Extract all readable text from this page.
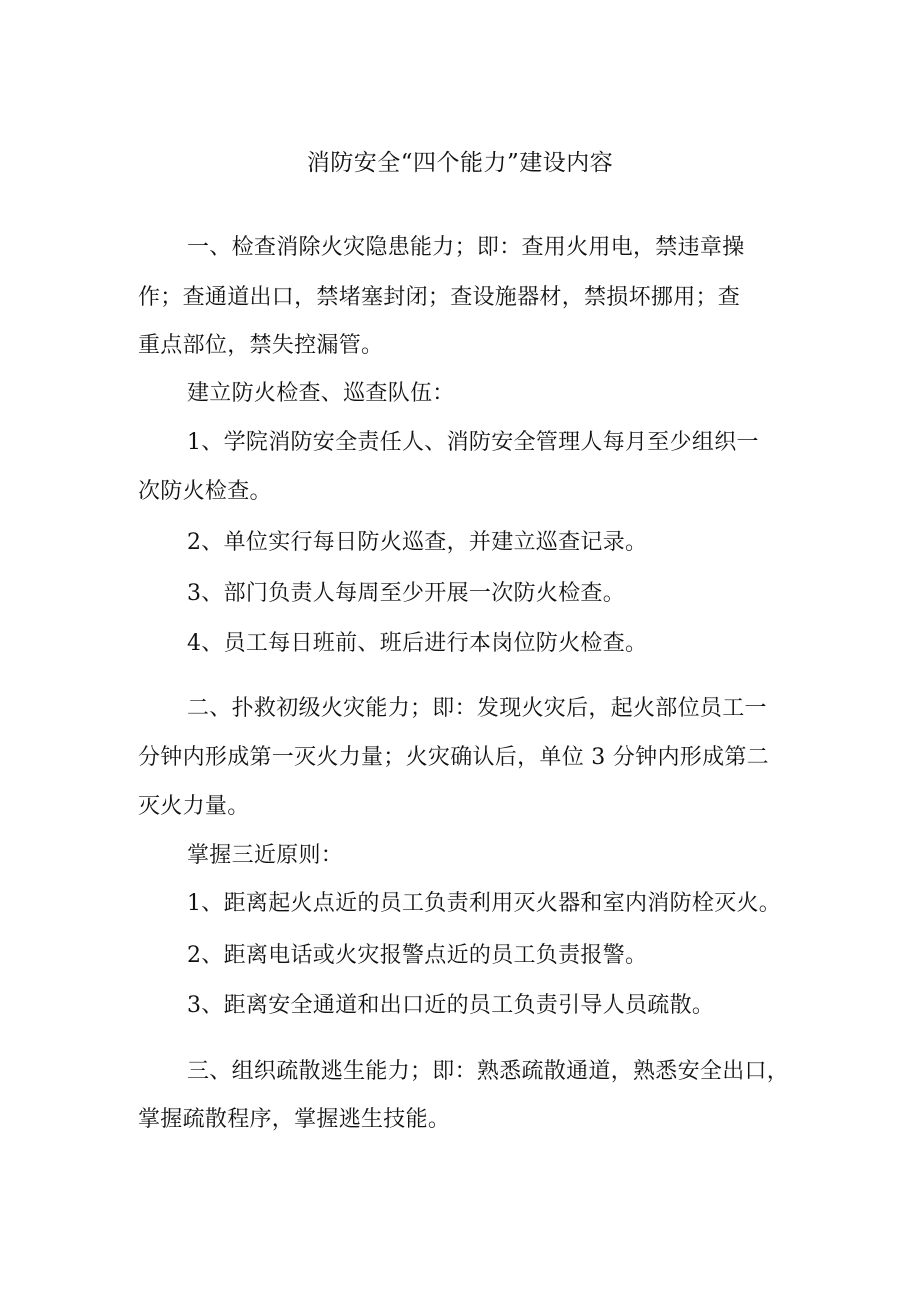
消防安全“四个能力”建设内容
一、检查消除火灾隐患能力；即：查用火用电，禁违章操
作；查通道出口，禁堵塞封闭；查设施器材，禁损坏挪用；查
重点部位，禁失控漏管。
建立防火检查、巡查队伍：
1、学院消防安全责任人、消防安全管理人每月至少组织一
次防火检查。
2、单位实行每日防火巡查，并建立巡查记录。
3、部门负责人每周至少开展一次防火检查。
4、员工每日班前、班后进行本岗位防火检查。
二、扑救初级火灾能力；即：发现火灾后，起火部位员工一
分钟内形成第一灭火力量；火灾确认后，单位 3 分钟内形成第二
灭火力量。
掌握三近原则：
1、距离起火点近的员工负责利用灭火器和室内消防栓灭火。
2、距离电话或火灾报警点近的员工负责报警。
3、距离安全通道和出口近的员工负责引导人员疏散。
三、组织疏散逃生能力；即：熟悉疏散通道，熟悉安全出口，
掌握疏散程序，掌握逃生技能。
